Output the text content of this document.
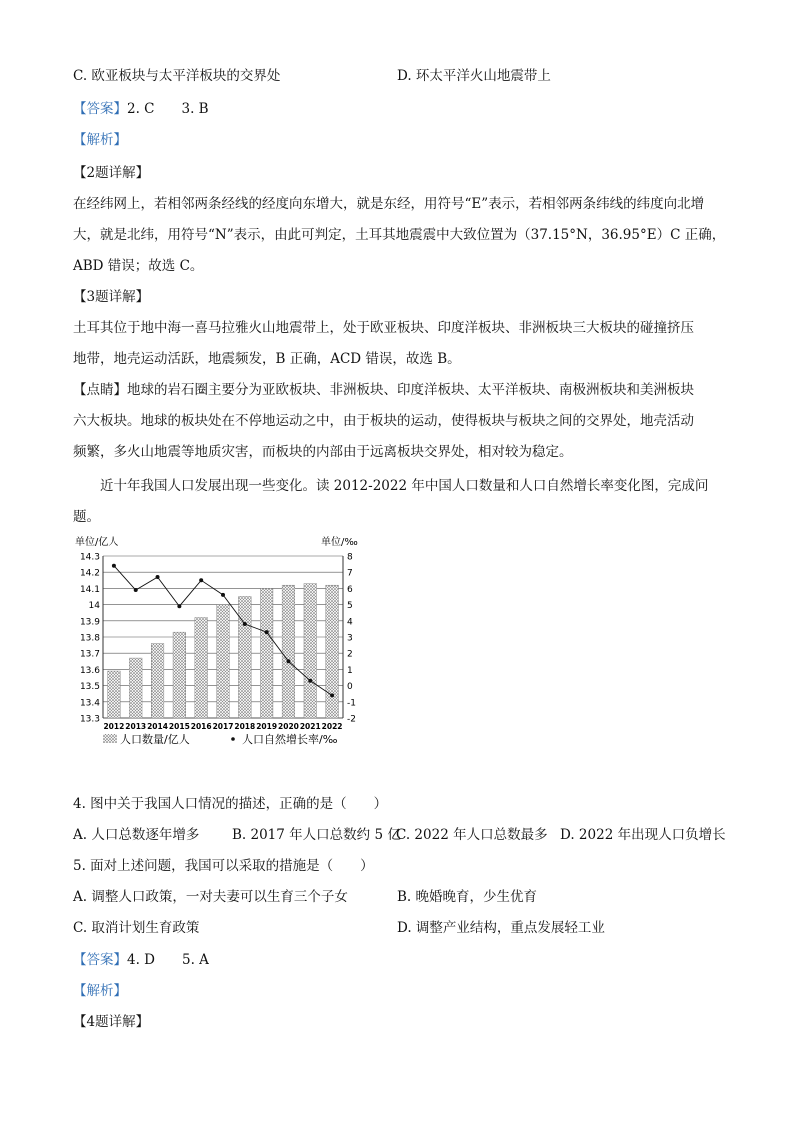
C. 欧亚板块与太平洋板块的交界处	D. 环太平洋火山地震带上
【答案】2. C　　3. B
【解析】
【2题详解】
在经纬网上，若相邻两条经线的经度向东增大，就是东经，用符号“E”表示，若相邻两条纬线的纬度向北增
大，就是北纬，用符号“N”表示，由此可判定，土耳其地震震中大致位置为（37.15°N，36.95°E）C 正确，
ABD 错误；故选 C。
【3题详解】
土耳其位于地中海一喜马拉雅火山地震带上，处于欧亚板块、印度洋板块、非洲板块三大板块的碰撞挤压
地带，地壳运动活跃，地震频发，B 正确，ACD 错误，故选 B。
【点睛】地球的岩石圈主要分为亚欧板块、非洲板块、印度洋板块、太平洋板块、南极洲板块和美洲板块
六大板块。地球的板块处在不停地运动之中，由于板块的运动，使得板块与板块之间的交界处，地壳活动
频繁，多火山地震等地质灾害，而板块的内部由于远离板块交界处，相对较为稳定。
近十年我国人口发展出现一些变化。读 2012-2022 年中国人口数量和人口自然增长率变化图，完成问
题。
单位/亿人	单位/‰
14.3
14.2
14.1
14
13.9
13.8
13.7
13.6
13.5
13.4
13.3
8
7
6
5
4
3
2
1
0
-1
-2
2012 2013 2014 2015 2016 2017 2018 2019 2020 2021 2022
人口数量/亿人	人口自然增长率/‰
4. 图中关于我国人口情况的描述，正确的是（　　）
A. 人口总数逐年增多 B. 2017 年人口总数约 5 亿
C. 2022 年人口总数最多 D. 2022 年出现人口负增长
5. 面对上述问题，我国可以采取的措施是（　　）
A. 调整人口政策，一对夫妻可以生育三个子女	B. 晚婚晚育，少生优育
C. 取消计划生育政策	D. 调整产业结构，重点发展轻工业
【答案】4. D　　5. A
【解析】
【4题详解】
